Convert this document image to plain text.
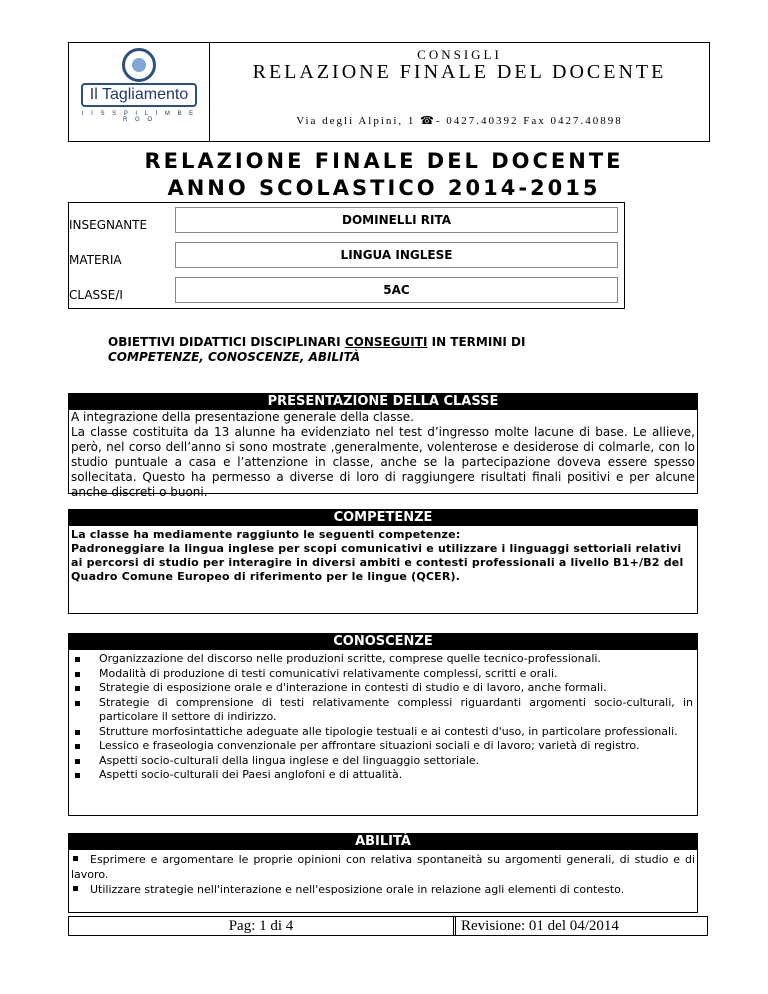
Il Tagliamento
I I S S P I L I M B E R G O
CONSIGLI
RELAZIONE FINALE DEL DOCENTE
Via degli Alpini, 1 ☎- 0427.40392 Fax 0427.40898
RELAZIONE FINALE DEL DOCENTE
ANNO SCOLASTICO 2014-2015
INSEGNANTE	DOMINELLI RITA
MATERIA	LINGUA INGLESE
CLASSE/I	5AC
OBIETTIVI DIDATTICI DISCIPLINARI CONSEGUITI IN TERMINI DI
COMPETENZE, CONOSCENZE, ABILITÀ
PRESENTAZIONE DELLA CLASSE
A integrazione della presentazione generale della classe.
La classe costituita da 13 alunne ha evidenziato nel test d’ingresso molte lacune di base. Le allieve, però, nel corso dell’anno si sono mostrate ,generalmente, volenterose e desiderose di colmarle, con lo studio puntuale a casa e l’attenzione in classe, anche se la partecipazione doveva essere spesso sollecitata. Questo ha permesso a diverse di loro di raggiungere risultati finali positivi e per alcune anche discreti o buoni.
COMPETENZE
La classe ha mediamente raggiunto le seguenti competenze:
Padroneggiare la lingua inglese per scopi comunicativi e utilizzare i linguaggi settoriali relativi ai percorsi di studio per interagire in diversi ambiti e contesti professionali a livello B1+/B2 del Quadro Comune Europeo di riferimento per le lingue (QCER).
CONOSCENZE
Organizzazione del discorso nelle produzioni scritte, comprese quelle tecnico-professionali.
Modalità di produzione di testi comunicativi relativamente complessi, scritti e orali.
Strategie di esposizione orale e d'interazione in contesti di studio e di lavoro, anche formali.
Strategie di comprensione di testi relativamente complessi riguardanti argomenti socio-culturali, in particolare il settore di indirizzo.
Strutture morfosintattiche adeguate alle tipologie testuali e ai contesti d'uso, in particolare professionali.
Lessico e fraseologia convenzionale per affrontare situazioni sociali e di lavoro; varietà di registro.
Aspetti socio-culturali della lingua inglese e del linguaggio settoriale.
Aspetti socio-culturali dei Paesi anglofoni e di attualità.
ABILITÀ
Esprimere e argomentare le proprie opinioni con relativa spontaneità su argomenti generali, di studio e di lavoro.
Utilizzare strategie nell'interazione e nell'esposizione orale in relazione agli elementi di contesto.
Pag: 1 di 4	Revisione: 01 del 04/2014
